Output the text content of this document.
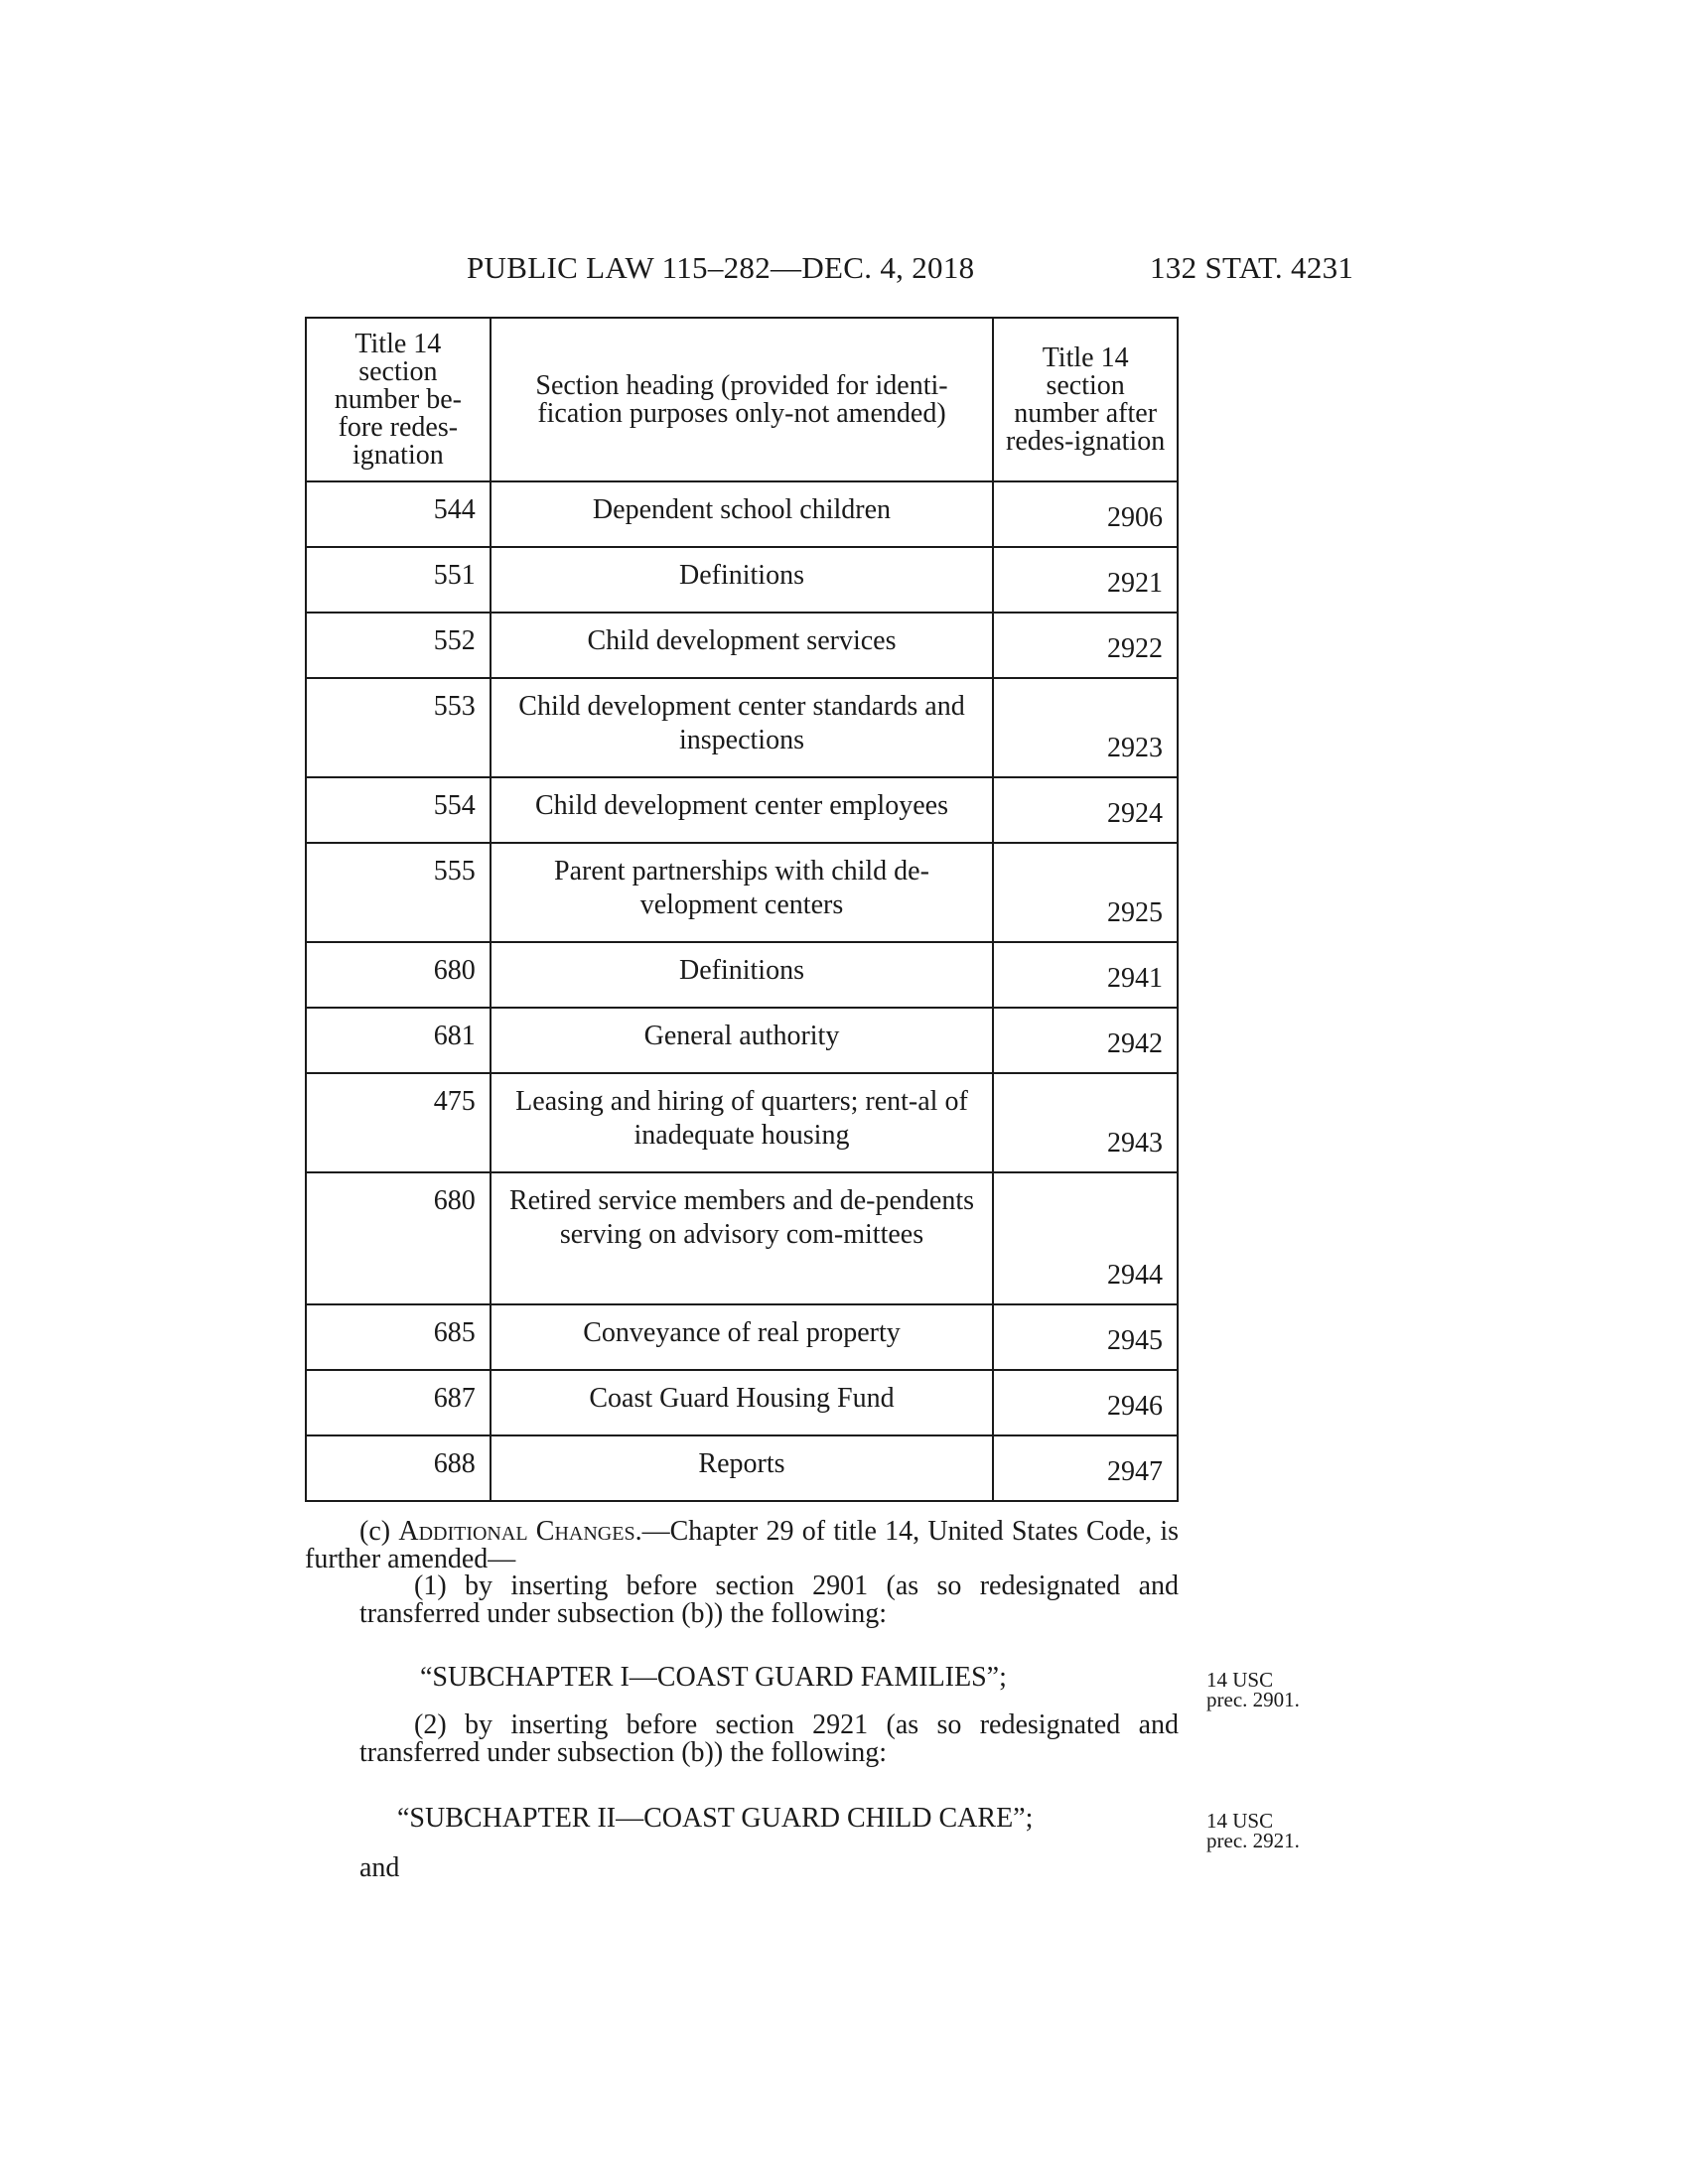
PUBLIC LAW 115–282—DEC. 4, 2018	132 STAT. 4231
Title 14 section number be-fore redes-ignation	Section heading (provided for identi-fication purposes only-not amended)	Title 14 section number after redes-ignation
544	Dependent school children	2906
551	Definitions	2921
552	Child development services	2922
553	Child development center standards and inspections	2923
554	Child development center employees	2924
555	Parent partnerships with child de-velopment centers	2925
680	Definitions	2941
681	General authority	2942
475	Leasing and hiring of quarters; rent-al of inadequate housing	2943
680	Retired service members and de-pendents serving on advisory com-mittees	2944
685	Conveyance of real property	2945
687	Coast Guard Housing Fund	2946
688	Reports	2947
(c) Additional Changes.—Chapter 29 of title 14, United States Code, is further amended—
(1) by inserting before section 2901 (as so redesignated and transferred under subsection (b)) the following:
“SUBCHAPTER I—COAST GUARD FAMILIES”;	14 USC
prec. 2901.
(2) by inserting before section 2921 (as so redesignated and transferred under subsection (b)) the following:
“SUBCHAPTER II—COAST GUARD CHILD CARE”;	14 USC
prec. 2921.
and
